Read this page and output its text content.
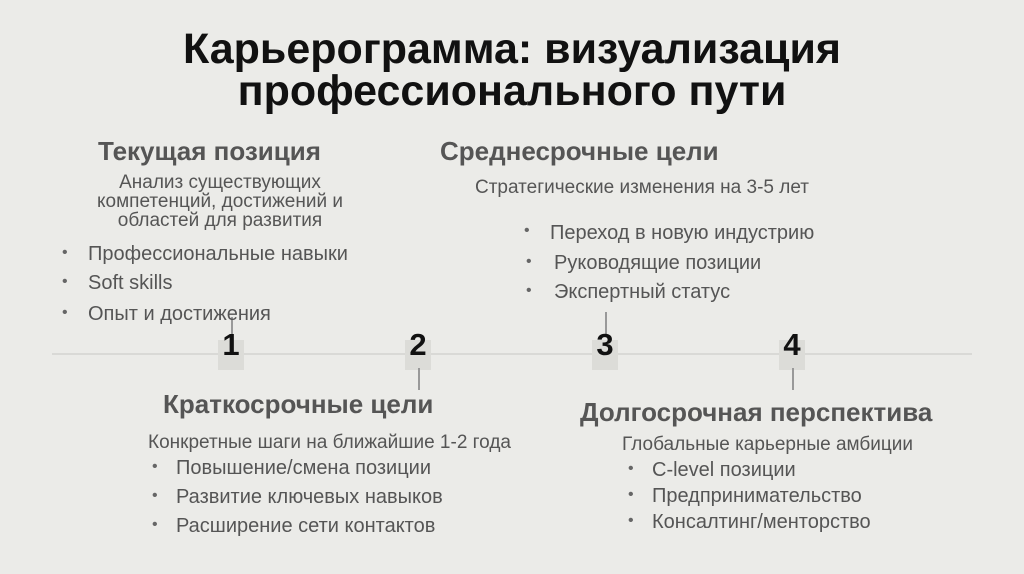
Карьерограмма: визуализация
профессионального пути
1	2	3	4
Текущая позиция
Анализ существующих
компетенций, достижений и
областей для развития
• Профессиональные навыки
• Soft skills
• Опыт и достижения
Среднесрочные цели
Стратегические изменения на 3-5 лет
• Переход в новую индустрию
• Руководящие позиции
• Экспертный статус
Краткосрочные цели
Конкретные шаги на ближайшие 1-2 года
• Повышение/смена позиции
• Развитие ключевых навыков
• Расширение сети контактов
Долгосрочная перспектива
Глобальные карьерные амбиции
• C-level позиции
• Предпринимательство
• Консалтинг/менторство
